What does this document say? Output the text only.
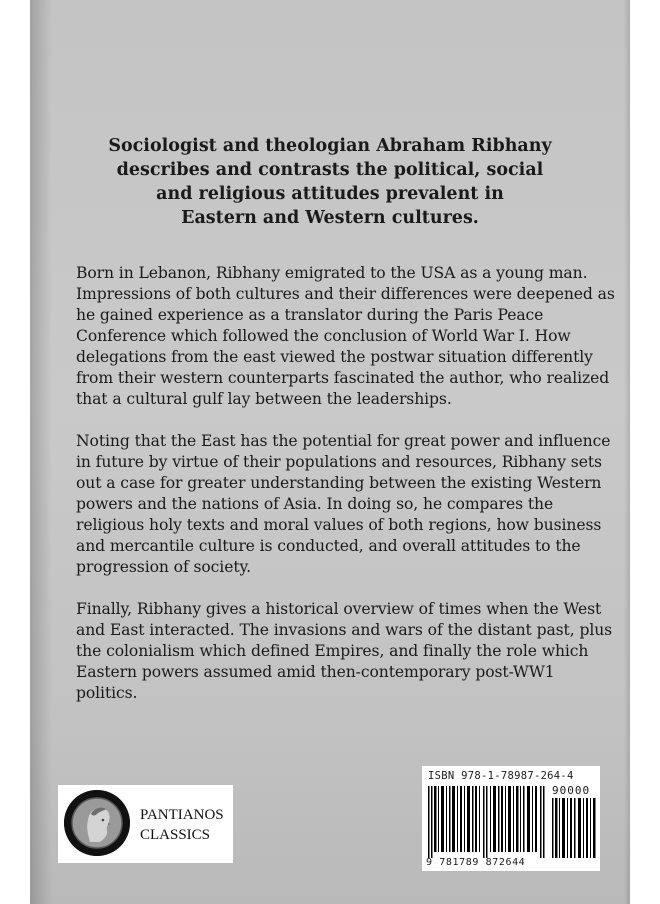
Sociologist and theologian Abraham Ribhany
describes and contrasts the political, social
and religious attitudes prevalent in
Eastern and Western cultures.

Born in Lebanon, Ribhany emigrated to the USA as a young man. Impressions of both cultures and their differences were deepened as he gained experience as a translator during the Paris Peace Conference which followed the conclusion of World War I. How delegations from the east viewed the postwar situation differently from their western counterparts fascinated the author, who realized that a cultural gulf lay between the leaderships.

Noting that the East has the potential for great power and influence in future by virtue of their populations and resources, Ribhany sets out a case for greater understanding between the existing Western powers and the nations of Asia. In doing so, he compares the religious holy texts and moral values of both regions, how business and mercantile culture is conducted, and overall attitudes to the progression of society.

Finally, Ribhany gives a historical overview of times when the West and East interacted. The invasions and wars of the distant past, plus the colonialism which defined Empires, and finally the role which Eastern powers assumed amid then-contemporary post-WW1 politics.

PANTIANOS
CLASSICS
ISBN 978-1-78987-264-4
90000
9 781789 872644
